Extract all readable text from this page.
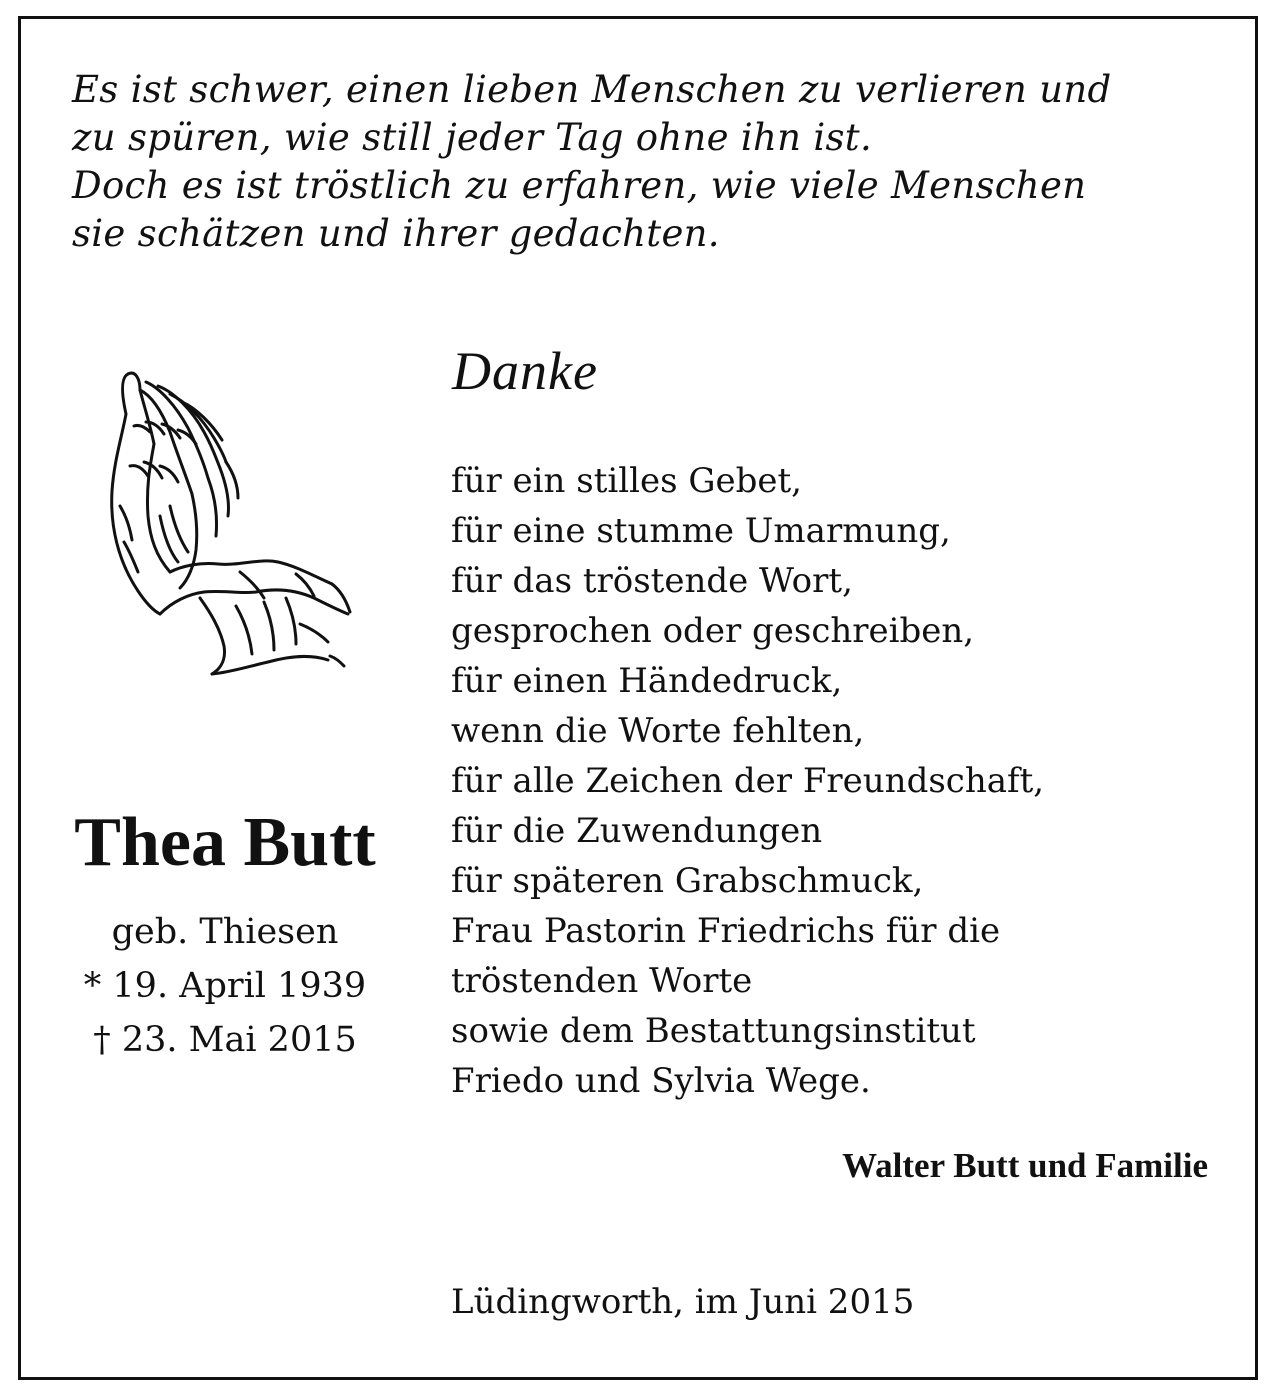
Es ist schwer, einen lieben Menschen zu verlieren und
zu spüren, wie still jeder Tag ohne ihn ist.
Doch es ist tröstlich zu erfahren, wie viele Menschen
sie schätzen und ihrer gedachten.
Danke
für ein stilles Gebet,
für eine stumme Umarmung,
für das tröstende Wort,
gesprochen oder geschreiben,
für einen Händedruck,
wenn die Worte fehlten,
für alle Zeichen der Freundschaft,
für die Zuwendungen
für späteren Grabschmuck,
Frau Pastorin Friedrichs für die
tröstenden Worte
sowie dem Bestattungsinstitut
Friedo und Sylvia Wege.
Thea Butt
geb. Thiesen
* 19. April 1939
† 23. Mai 2015
Walter Butt und Familie
Lüdingworth, im Juni 2015
